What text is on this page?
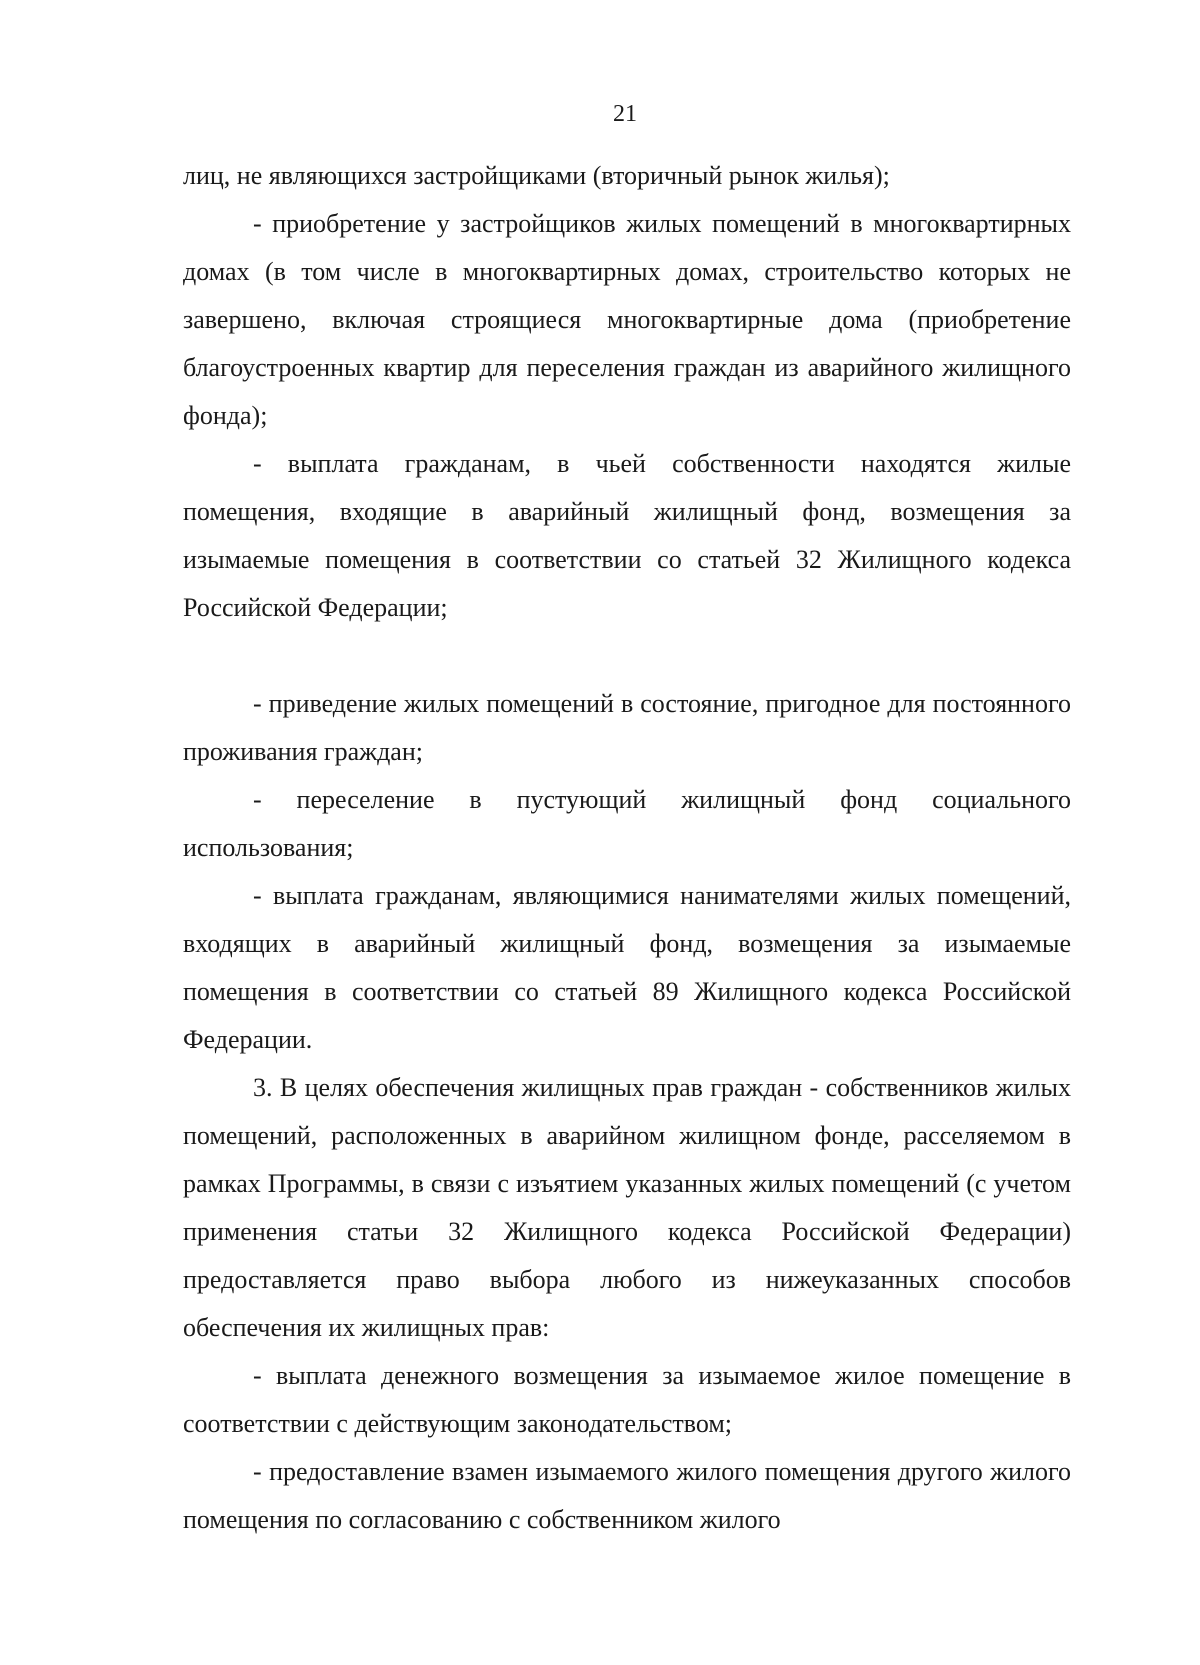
21

лиц, не являющихся застройщиками (вторичный рынок жилья);

- приобретение у застройщиков жилых помещений в многоквартирных домах (в том числе в многоквартирных домах, строительство которых не завершено, включая строящиеся многоквартирные дома (приобретение благоустроенных квартир для переселения граждан из аварийного жилищного фонда);

- выплата гражданам, в чьей собственности находятся жилые помещения, входящие в аварийный жилищный фонд, возмещения за изымаемые помещения в соответствии со статьей 32 Жилищного кодекса Российской Федерации;

- приведение жилых помещений в состояние, пригодное для постоянного проживания граждан;

- переселение в пустующий жилищный фонд социального использования;

- выплата гражданам, являющимися нанимателями жилых помещений, входящих в аварийный жилищный фонд, возмещения за изымаемые помещения в соответствии со статьей 89 Жилищного кодекса Российской Федерации.

3. В целях обеспечения жилищных прав граждан - собственников жилых помещений, расположенных в аварийном жилищном фонде, расселяемом в рамках Программы, в связи с изъятием указанных жилых помещений (с учетом применения статьи 32 Жилищного кодекса Российской Федерации) предоставляется право выбора любого из нижеуказанных способов обеспечения их жилищных прав:

- выплата денежного возмещения за изымаемое жилое помещение в соответствии с действующим законодательством;

- предоставление взамен изымаемого жилого помещения другого жилого помещения по согласованию с собственником жилого
